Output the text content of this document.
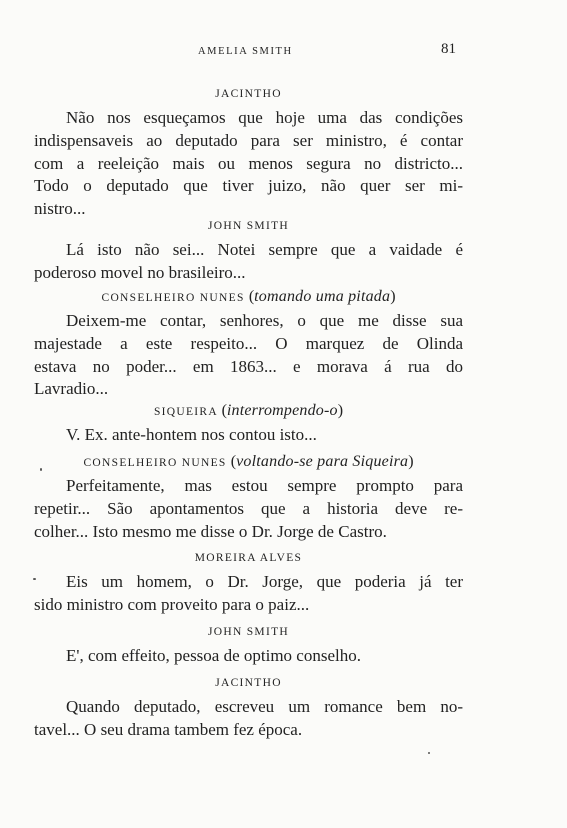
AMELIA SMITH	81
JACINTHO
Não nos esqueçamos que hoje uma das condições
indispensaveis ao deputado para ser ministro, é contar
com a reeleição mais ou menos segura no districto...
Todo o deputado que tiver juizo, não quer ser mi-
nistro...
JOHN SMITH
Lá isto não sei... Notei sempre que a vaidade é
poderoso movel no brasileiro...
CONSELHEIRO NUNES (tomando uma pitada)
Deixem-me contar, senhores, o que me disse sua
majestade a este respeito... O marquez de Olinda
estava no poder... em 1863... e morava á rua do
Lavradio...
SIQUEIRA (interrompendo-o)
V. Ex. ante-hontem nos contou isto...
CONSELHEIRO NUNES (voltando-se para Siqueira)
Perfeitamente, mas estou sempre prompto para
repetir... São apontamentos que a historia deve re-
colher... Isto mesmo me disse o Dr. Jorge de Castro.
MOREIRA ALVES
Eis um homem, o Dr. Jorge, que poderia já ter
sido ministro com proveito para o paiz...
JOHN SMITH
E', com effeito, pessoa de optimo conselho.
JACINTHO
Quando deputado, escreveu um romance bem no-
tavel... O seu drama tambem fez época.
